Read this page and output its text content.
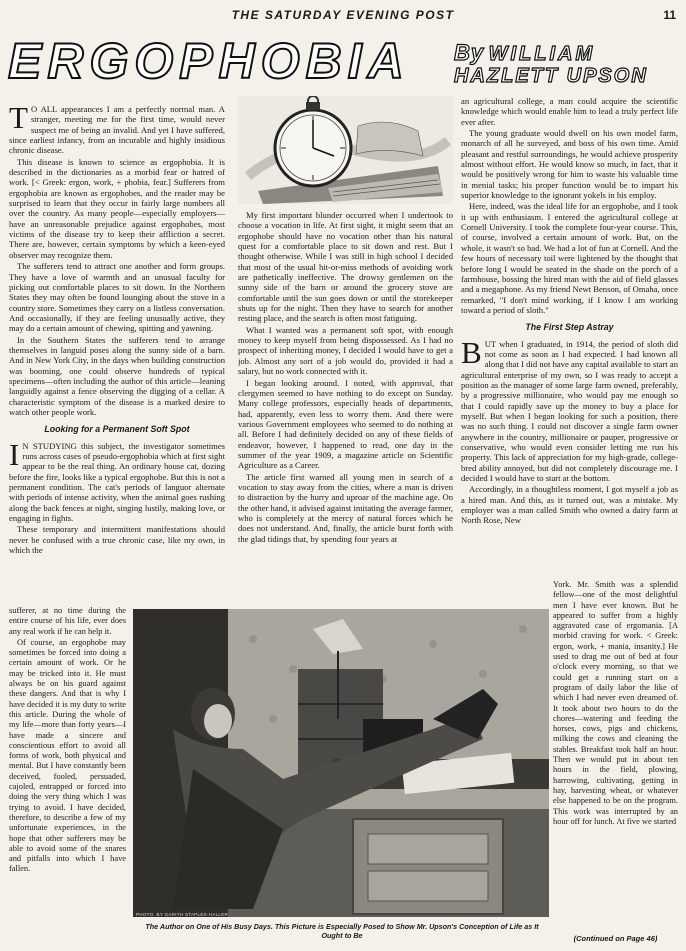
THE SATURDAY EVENING POST	11
ERGOPHOBIA By WILLIAM
HAZLETT UPSON

T O ALL appearances I am a perfectly normal man. A stranger, meeting me for the first time, would never suspect me of being an invalid. And yet I have suffered, since earliest infancy, from an incurable and highly insidious chronic disease.

This disease is known to science as ergophobia. It is described in the dictionaries as a morbid fear or hatred of work. [< Greek: ergon, work, + phobia, fear.] Sufferers from ergophobia are known as ergophobes, and the reader may be surprised to learn that they occur in fairly large numbers all over the country. As many people—especially employers—have an unreasonable prejudice against ergophobes, most victims of the disease try to keep their affliction a secret. There are, however, certain symptoms by which a keen-eyed observer may recognize them.

The sufferers tend to attract one another and form groups. They have a love of warmth and an unusual faculty for picking out comfortable places to sit down. In the Northern States they may often be found lounging about the stove in a country store. Sometimes they carry on a listless conversation. And occasionally, if they are feeling unusually active, they may do a certain amount of chewing, spitting and yawning.

In the Southern States the sufferers tend to arrange themselves in languid poses along the sunny side of a barn. And in New York City, in the days when building construction was booming, one could observe hundreds of typical specimens—often including the author of this article—leaning languidly against a fence observing the digging of a cellar. A characteristic symptom of the disease is a marked desire to watch other people work.

Looking for a Permanent Soft Spot

I N STUDYING this subject, the investigator sometimes runs across cases of pseudo-ergophobia which at first sight appear to be the real thing. An ordinary house cat, dozing before the fire, looks like a typical ergophobe. But this is not a permanent condition. The cat's periods of languor alternate with periods of intense activity, when the animal goes rushing along the back fences at night, singing lustily, making love, or engaging in fights.

These temporary and intermittent manifestations should never be confused with a true chronic case, like my own, in which the

sufferer, at no time during the entire course of his life, ever does any real work if he can help it.

Of course, an ergophobe may sometimes be forced into doing a certain amount of work. Or he may be tricked into it. He must always be on his guard against these dangers. And that is why I have decided it is my duty to write this article. During the whole of my life—more than forty years—I have made a sincere and conscientious effort to avoid all forms of work, both physical and mental. But I have constantly been deceived, fooled, persuaded, cajoled, entrapped or forced into doing the very thing which I was trying to avoid. I have decided, therefore, to describe a few of my unfortunate experiences, in the hope that other sufferers may be able to avoid some of the snares and pitfalls into which I have fallen.

My first important blunder occurred when I undertook to choose a vocation in life. At first sight, it might seem that an ergophobe should have no vocation other than his natural quest for a comfortable place to sit down and rest. But I thought otherwise. While I was still in high school I decided that most of the usual hit-or-miss methods of avoiding work are pathetically ineffective. The drowsy gentlemen on the sunny side of the barn or around the grocery stove are comfortable until the sun goes down or until the storekeeper shuts up for the night. Then they have to search for another resting place, and the search is often most fatiguing.

What I wanted was a permanent soft spot, with enough money to keep myself from being dispossessed. As I had no prospect of inheriting money, I decided I would have to get a job. Almost any sort of a job would do, provided it had a salary, but no work connected with it.

I began looking around. I noted, with approval, that clergymen seemed to have nothing to do except on Sunday. Many college professors, especially heads of departments, had, apparently, even less to worry them. And there were various Government employees who seemed to do nothing at all. Before I had definitely decided on any of these fields of endeavor, however, I happened to read, one day in the summer of the year 1909, a magazine article on Scientific Agriculture as a Career.

The article first warned all young men in search of a vocation to stay away from the cities, where a man is driven to distraction by the hurry and uproar of the machine age. On the other hand, it advised against imitating the average farmer, who is completely at the mercy of natural forces which he does not understand. And, finally, the article burst forth with the glad tidings that, by spending four years at

an agricultural college, a man could acquire the scientific knowledge which would enable him to lead a truly perfect life ever after.

The young graduate would dwell on his own model farm, monarch of all he surveyed, and boss of his own time. Amid pleasant and restful surroundings, he would achieve prosperity almost without effort. He would know so much, in fact, that it would be positively wrong for him to waste his valuable time in menial tasks; his proper function would be to impart his superior knowledge to the ignorant yokels in his employ.

Here, indeed, was the ideal life for an ergophobe, and I took it up with enthusiasm. I entered the agricultural college at Cornell University. I took the complete four-year course. This, of course, involved a certain amount of work. But, on the whole, it wasn't so bad. We had a lot of fun at Cornell. And the few hours of necessary toil were lightened by the thought that before long I would be seated in the shade on the porch of a farmhouse, bossing the hired man with the aid of field glasses and a megaphone. As my friend Newt Benson, of Omaha, once remarked, "I don't mind working, if I know I am working toward a period of sloth."

The First Step Astray

BUT when I graduated, in 1914, the period of sloth did not come as soon as I had expected. I had known all along that I did not have any capital available to start an agricultural enterprise of my own, so I was ready to accept a position as the manager of some large farm owned, preferably, by a progressive millionaire, who would pay me enough so that I could rapidly save up the money to buy a place for myself. But when I began looking for such a position, there was no such thing. I could not discover a single farm owner anywhere in the country, millionaire or pauper, progressive or conservative, who would even consider letting me run his property. This lack of appreciation for my high-grade, college-bred ability annoyed, but did not completely discourage me. I decided I would have to start at the bottom.

Accordingly, in a thoughtless moment, I got myself a job as a hired man. And this, as it turned out, was a mistake. My employer was a man called Smith who owned a dairy farm at North Rose, New

York. Mr. Smith was a splendid fellow—one of the most delightful men I have ever known. But he appeared to suffer from a highly aggravated case of ergomania. [A morbid craving for work. < Greek: ergon, work, + mania, insanity.] He used to drag me out of bed at four o'clock every morning, so that we could get a running start on a program of daily labor the like of which I had never even dreamed of. It took about two hours to do the chores—watering and feeding the horses, cows, pigs and chickens, milking the cows and cleaning the stables. Breakfast took half an hour. Then we would put in about ten hours in the field, plowing, harrowing, cultivating, getting in hay, harvesting wheat, or whatever else happened to be on the program. This work was interrupted by an hour off for lunch. At five we started

PHOTO. BY GARITH STAPLES-HALLER
The Author on One of His Busy Days. This Picture is Especially Posed to Show Mr. Upson's Conception of Life as It Ought to Be	(Continued on Page 46)
